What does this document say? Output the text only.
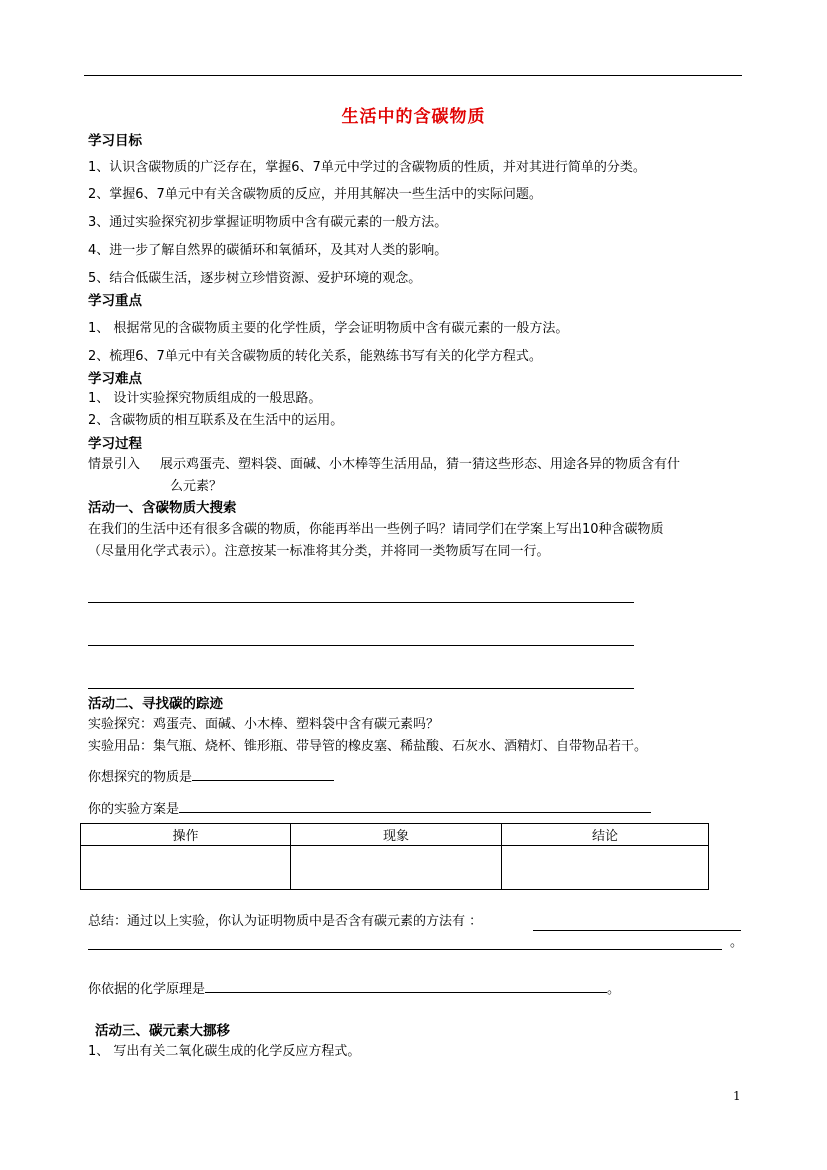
生活中的含碳物质
学习目标
1、认识含碳物质的广泛存在，掌握6、7单元中学过的含碳物质的性质，并对其进行简单的分类。
2、掌握6、7单元中有关含碳物质的反应，并用其解决一些生活中的实际问题。
3、通过实验探究初步掌握证明物质中含有碳元素的一般方法。
4、进一步了解自然界的碳循环和氧循环，及其对人类的影响。
5、结合低碳生活，逐步树立珍惜资源、爱护环境的观念。
学习重点
1、 根据常见的含碳物质主要的化学性质，学会证明物质中含有碳元素的一般方法。
2、梳理6、7单元中有关含碳物质的转化关系，能熟练书写有关的化学方程式。
学习难点
1、 设计实验探究物质组成的一般思路。
2、含碳物质的相互联系及在生活中的运用。
学习过程
情景引入 展示鸡蛋壳、塑料袋、面碱、小木棒等生活用品，猜一猜这些形态、用途各异的物质含有什
么元素？
活动一、含碳物质大搜索
在我们的生活中还有很多含碳的物质，你能再举出一些例子吗？请同学们在学案上写出10种含碳物质
（尽量用化学式表示）。注意按某一标准将其分类，并将同一类物质写在同一行。
活动二、寻找碳的踪迹
实验探究：鸡蛋壳、面碱、小木棒、塑料袋中含有碳元素吗？
实验用品：集气瓶、烧杯、锥形瓶、带导管的橡皮塞、稀盐酸、石灰水、酒精灯、自带物品若干。
你想探究的物质是
你的实验方案是
操作	现象	结论

总结：通过以上实验，你认为证明物质中是否含有碳元素的方法有 ：
。
你依据的化学原理是	。
活动三、碳元素大挪移
1、 写出有关二氧化碳生成的化学反应方程式。
1
